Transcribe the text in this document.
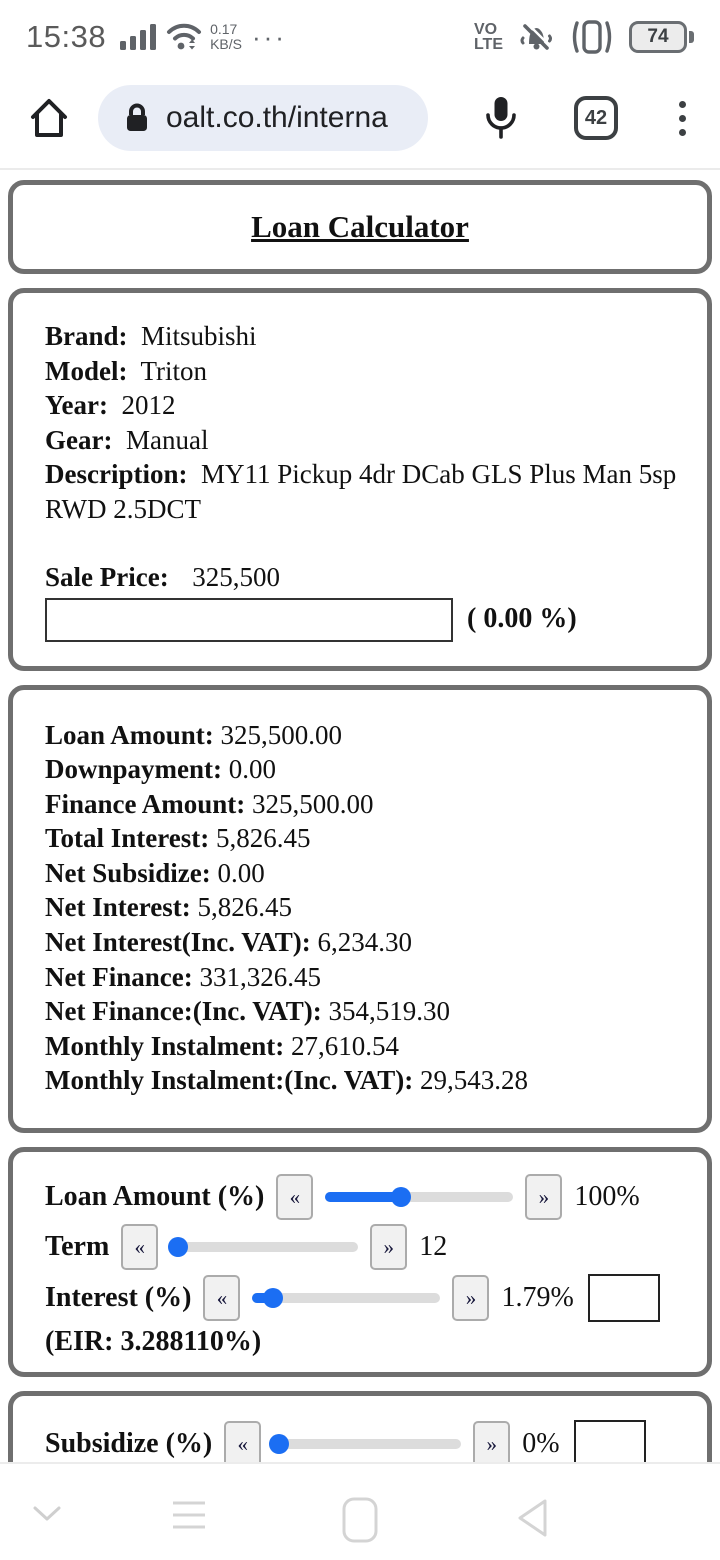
15:38	0.17
KB/S ···	VO
LTE	74
oalt.co.th/interna	42
Loan Calculator
Brand: Mitsubishi
Model: Triton
Year: 2012
Gear: Manual
Description: MY11 Pickup 4dr DCab GLS Plus Man 5sp RWD 2.5DCT
Sale Price: 325,500
( 0.00 %)
Loan Amount: 325,500.00
Downpayment: 0.00
Finance Amount: 325,500.00
Total Interest: 5,826.45
Net Subsidize: 0.00
Net Interest: 5,826.45
Net Interest(Inc. VAT): 6,234.30
Net Finance: 331,326.45
Net Finance:(Inc. VAT): 354,519.30
Monthly Instalment: 27,610.54
Monthly Instalment:(Inc. VAT): 29,543.28
Loan Amount (%)	«	» 100%
Term	«	» 12
Interest (%)	«	» 1.79%
(EIR: 3.288110%)
Subsidize (%)	«	» 0%
